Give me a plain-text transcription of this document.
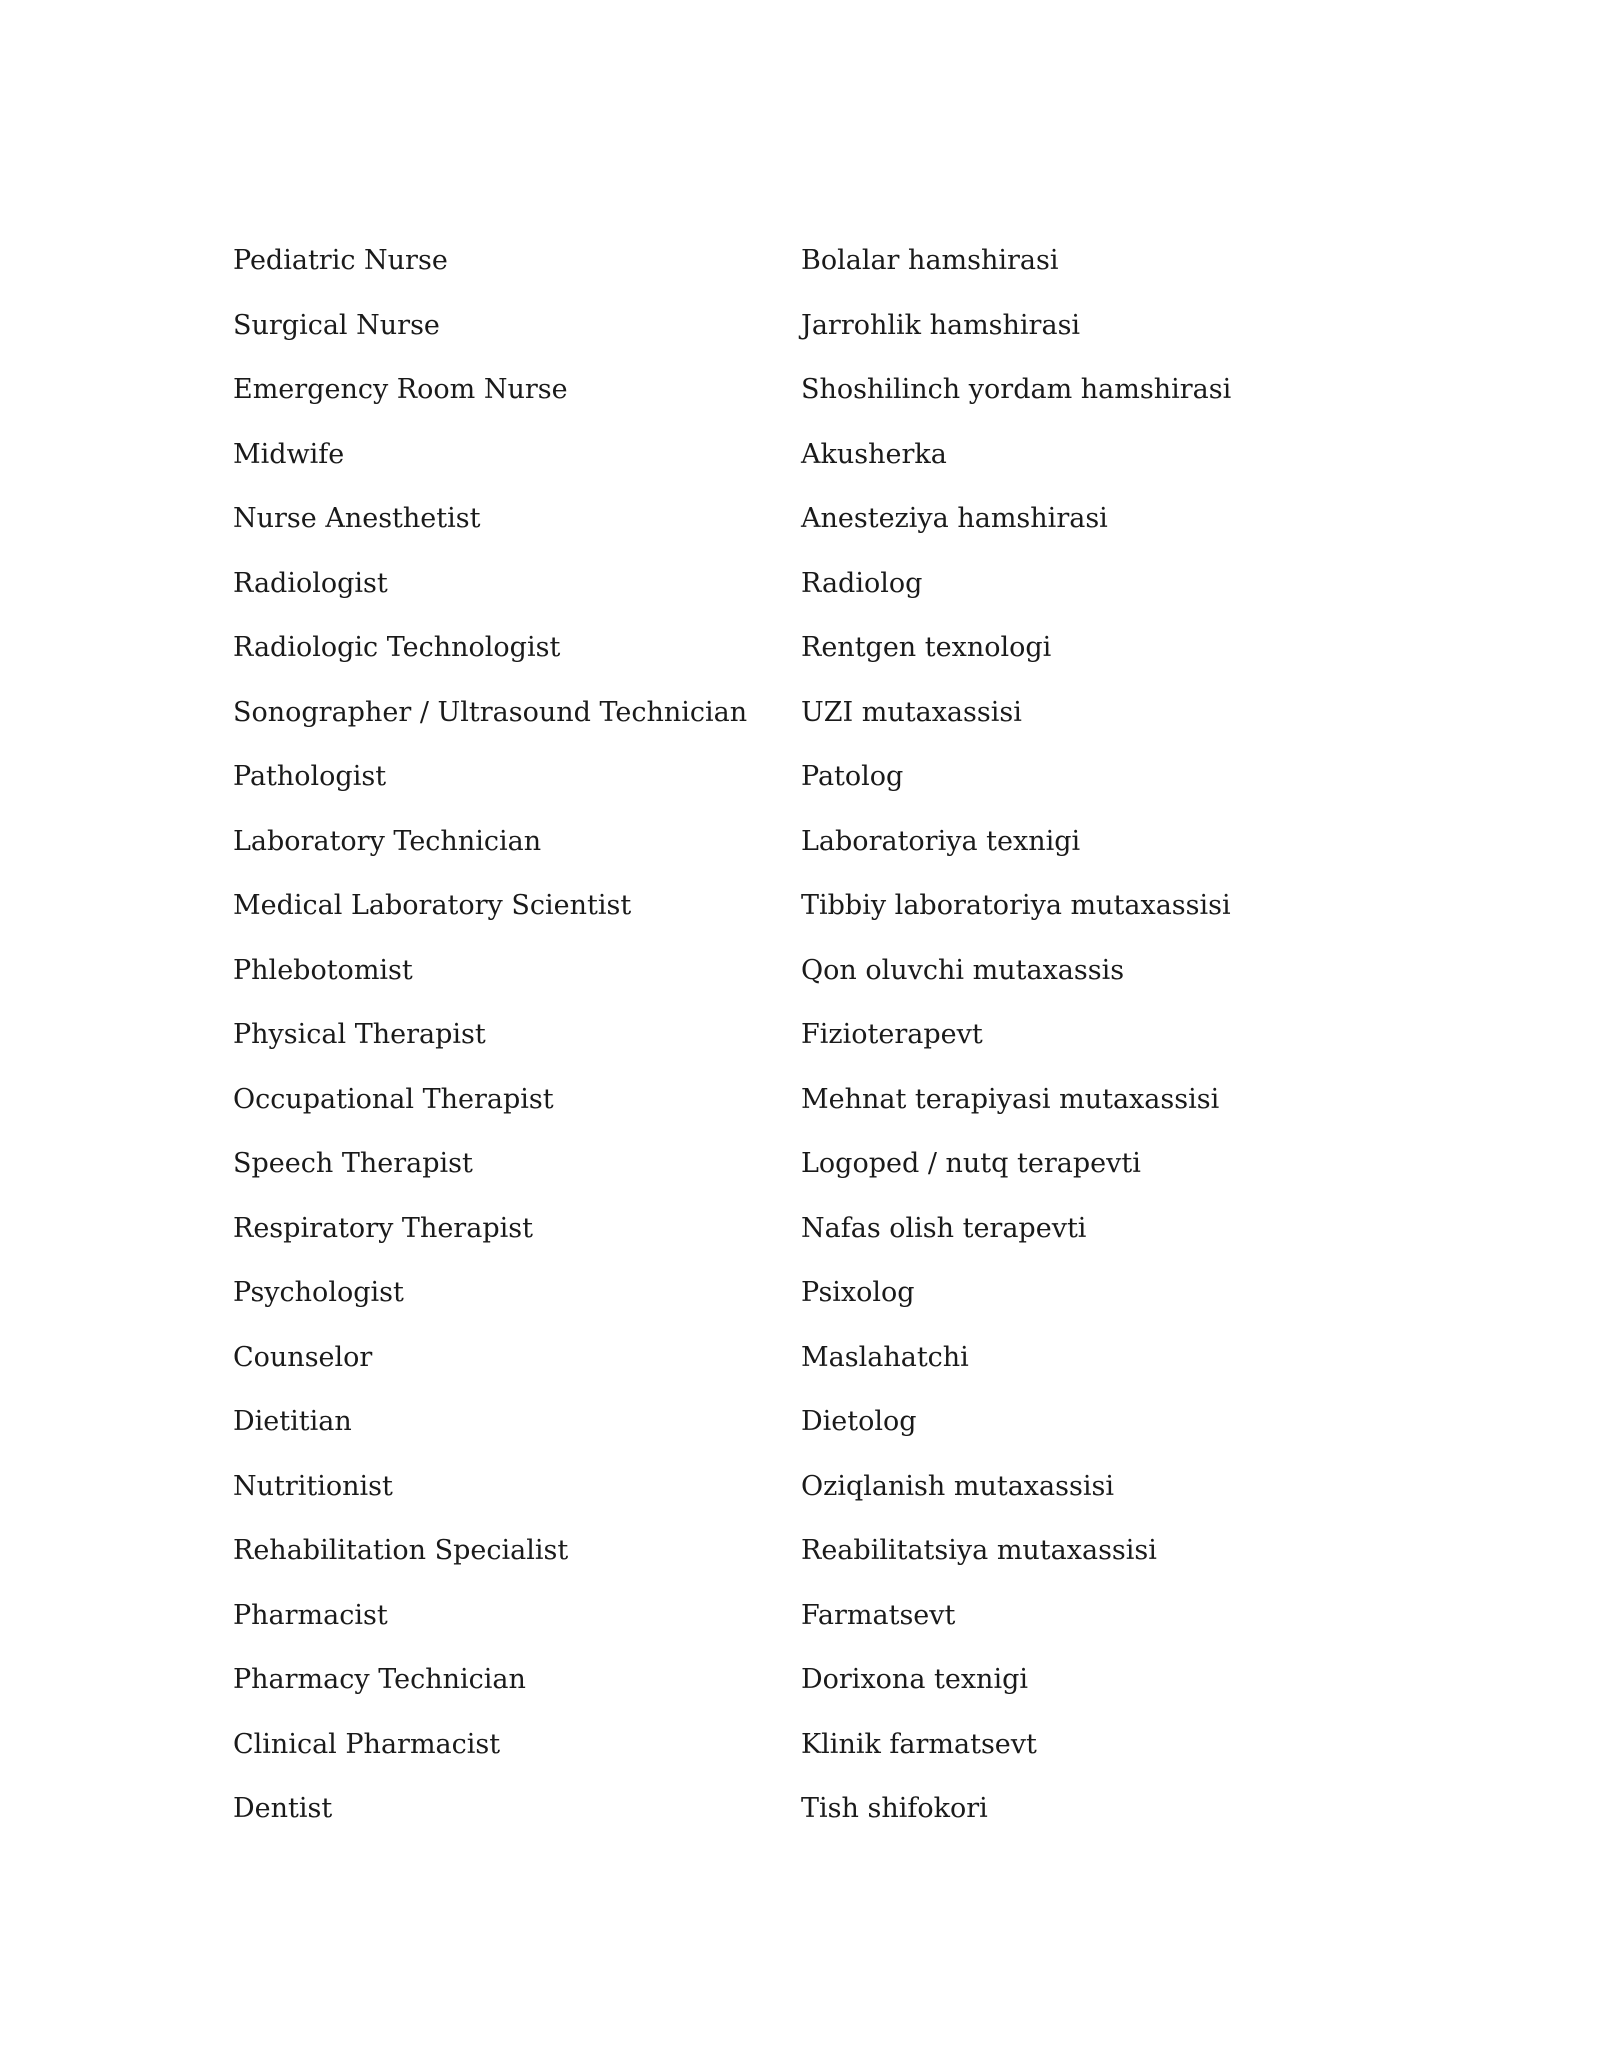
Pediatric Nurse	Bolalar hamshirasi
Surgical Nurse	Jarrohlik hamshirasi
Emergency Room Nurse	Shoshilinch yordam hamshirasi
Midwife	Akusherka
Nurse Anesthetist	Anesteziya hamshirasi
Radiologist	Radiolog
Radiologic Technologist	Rentgen texnologi
Sonographer / Ultrasound Technician	UZI mutaxassisi
Pathologist	Patolog
Laboratory Technician	Laboratoriya texnigi
Medical Laboratory Scientist	Tibbiy laboratoriya mutaxassisi
Phlebotomist	Qon oluvchi mutaxassis
Physical Therapist	Fizioterapevt
Occupational Therapist	Mehnat terapiyasi mutaxassisi
Speech Therapist	Logoped / nutq terapevti
Respiratory Therapist	Nafas olish terapevti
Psychologist	Psixolog
Counselor	Maslahatchi
Dietitian	Dietolog
Nutritionist	Oziqlanish mutaxassisi
Rehabilitation Specialist	Reabilitatsiya mutaxassisi
Pharmacist	Farmatsevt
Pharmacy Technician	Dorixona texnigi
Clinical Pharmacist	Klinik farmatsevt
Dentist	Tish shifokori
